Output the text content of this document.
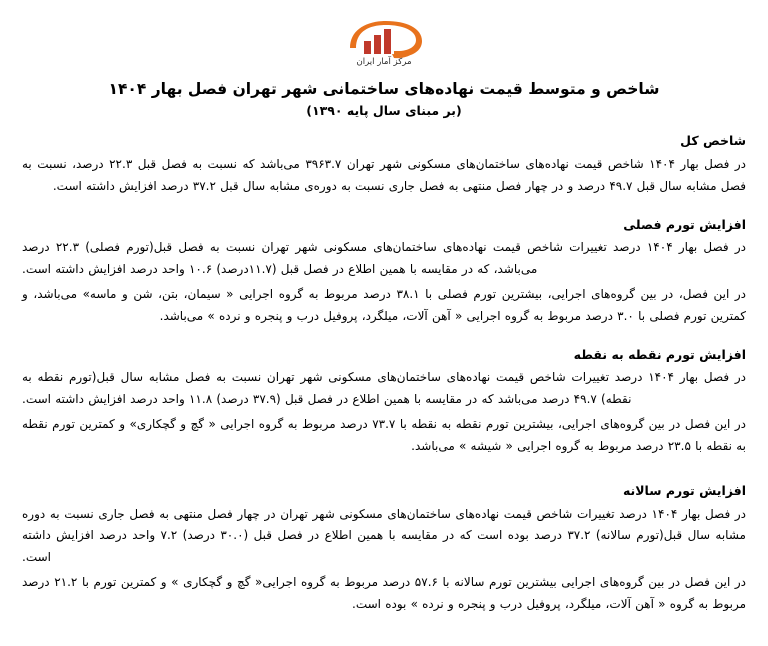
مرکز آمار ایران
شاخص و متوسط قیمت نهاده‌های ساختمانی شهر تهران فصل بهار ۱۴۰۴
(بر مبنای سال پایه ۱۳۹۰)
شاخص کل

در فصل بهار ۱۴۰۴ شاخص قیمت نهاده‌های ساختمان‌های مسکونی شهر تهران ۳۹۶۳.۷ می‌باشد که نسبت به فصل قبل ۲۲.۳ درصد، نسبت به فصل مشابه سال قبل ۴۹.۷ درصد و در چهار فصل منتهی به فصل جاری نسبت به دوره‌ی مشابه سال قبل ۳۷.۲ درصد افزایش داشته است.

افزایش تورم فصلی

در فصل بهار ۱۴۰۴ درصد تغییرات شاخص قیمت نهاده‌های ساختمان‌های مسکونی شهر تهران نسبت به فصل قبل(تورم فصلی) ۲۲.۳ درصد می‌باشد، که در مقایسه با همین اطلاع در فصل قبل (۱۱.۷درصد) ۱۰.۶ واحد درصد افزایش داشته است.

در این فصل، در بین گروه‌های اجرایی، بیشترین تورم فصلی با ۳۸.۱ درصد مربوط به گروه اجرایی « سیمان، بتن، شن و ماسه» می‌باشد، و کمترین تورم فصلی با ۳.۰ درصد مربوط به گروه اجرایی « آهن آلات، میلگرد، پروفیل درب و پنجره و نرده » می‌باشد.

افزایش تورم نقطه به نقطه

در فصل بهار ۱۴۰۴ درصد تغییرات شاخص قیمت نهاده‌های ساختمان‌های مسکونی شهر تهران نسبت به فصل مشابه سال قبل(تورم نقطه به نقطه) ۴۹.۷ درصد می‌باشد که در مقایسه با همین اطلاع در فصل قبل (۳۷.۹ درصد) ۱۱.۸ واحد درصد افزایش داشته است.

در این فصل در بین گروه‌های اجرایی، بیشترین تورم نقطه به نقطه با ۷۳.۷ درصد مربوط به گروه اجرایی « گچ و گچکاری» و کمترین تورم نقطه به نقطه با ۲۳.۵ درصد مربوط به گروه اجرایی « شیشه » می‌باشد.

افزایش تورم سالانه

در فصل بهار ۱۴۰۴ درصد تغییرات شاخص قیمت نهاده‌های ساختمان‌های مسکونی شهر تهران در چهار فصل منتهی به فصل جاری نسبت به دوره مشابه سال قبل(تورم سالانه) ۳۷.۲ درصد بوده است که در مقایسه با همین اطلاع در فصل قبل (۳۰.۰ درصد) ۷.۲ واحد درصد افزایش داشته است.

در این فصل در بین گروه‌های اجرایی بیشترین تورم سالانه با ۵۷.۶ درصد مربوط به گروه اجرایی« گچ و گچکاری » و کمترین تورم با ۲۱.۲ درصد مربوط به گروه « آهن آلات، میلگرد، پروفیل درب و پنجره و نرده » بوده است.
